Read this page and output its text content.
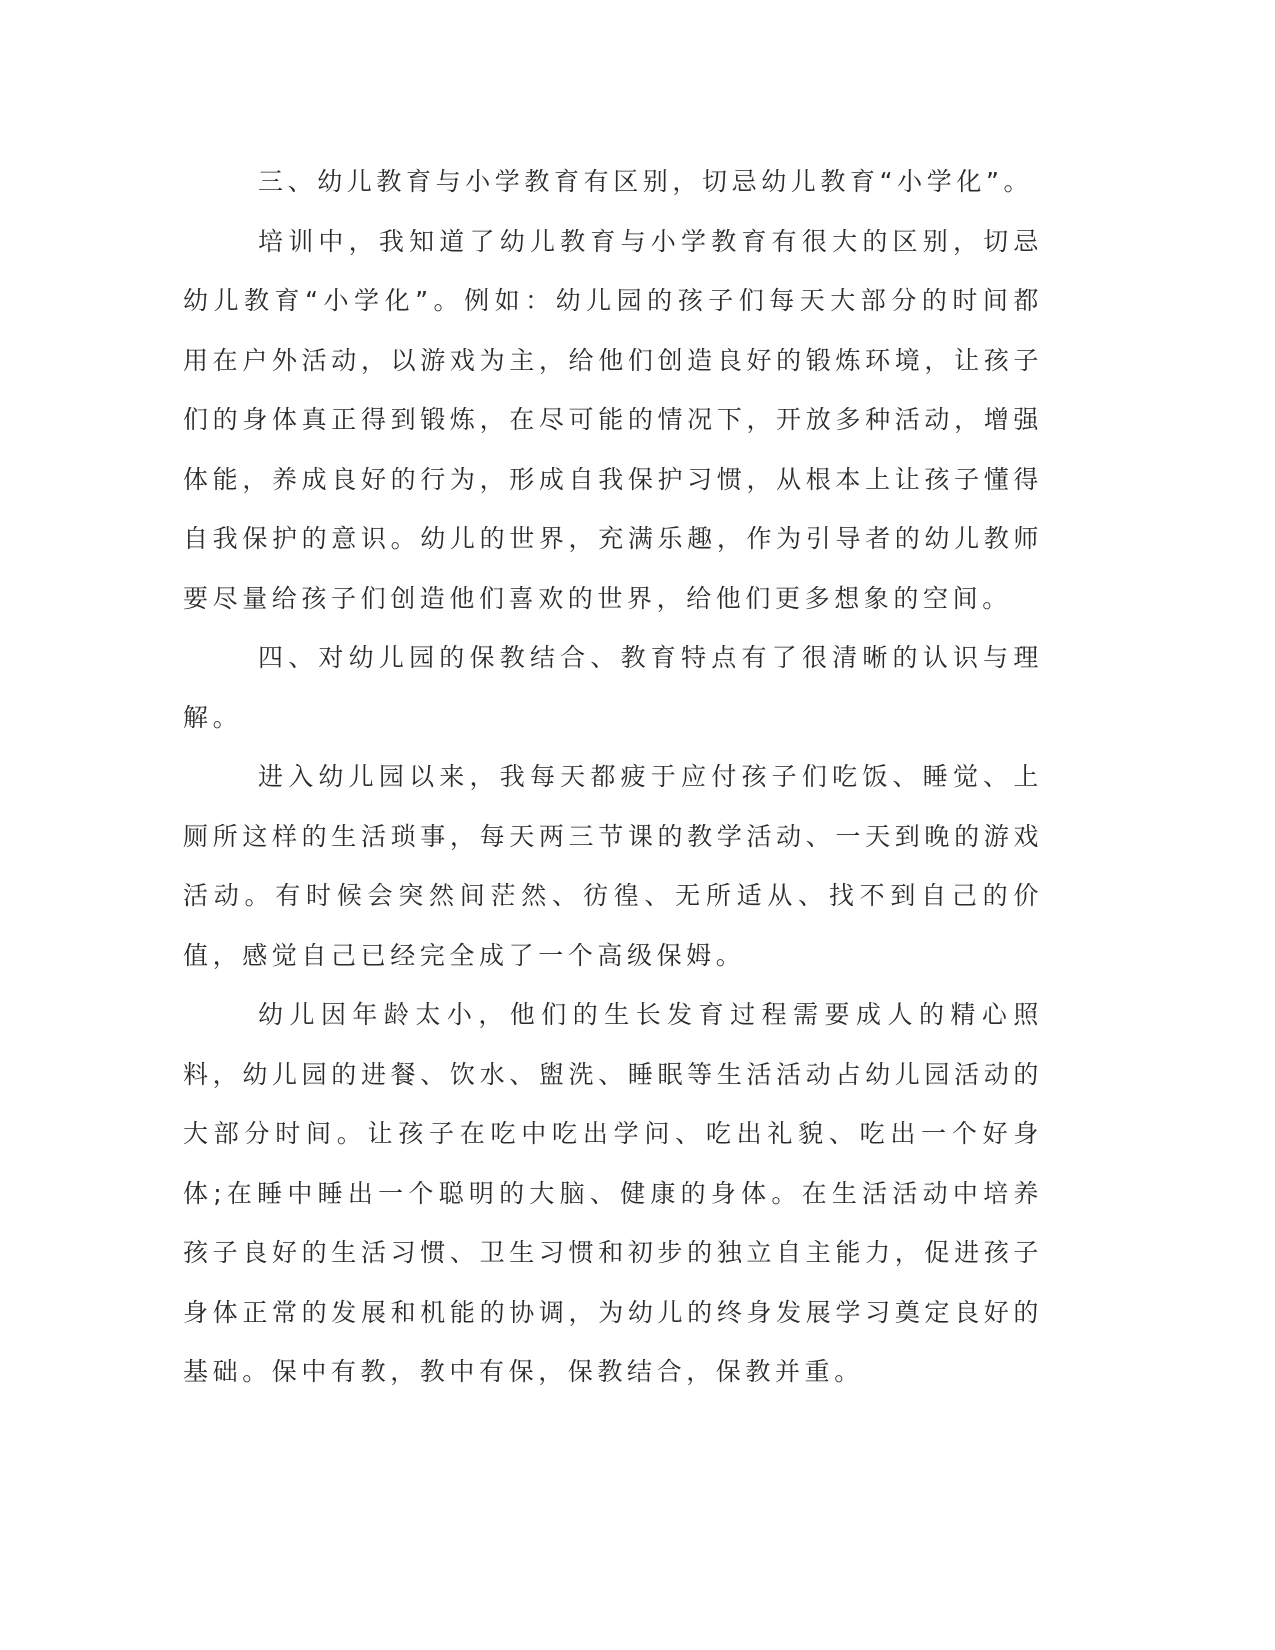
三、幼儿教育与小学教育有区别，切忌幼儿教育“小学化”。

培训中，我知道了幼儿教育与小学教育有很大的区别，切忌幼儿教育“小学化”。例如：幼儿园的孩子们每天大部分的时间都用在户外活动，以游戏为主，给他们创造良好的锻炼环境，让孩子们的身体真正得到锻炼，在尽可能的情况下，开放多种活动，增强体能，养成良好的行为，形成自我保护习惯，从根本上让孩子懂得自我保护的意识。幼儿的世界，充满乐趣，作为引导者的幼儿教师要尽量给孩子们创造他们喜欢的世界，给他们更多想象的空间。

四、对幼儿园的保教结合、教育特点有了很清晰的认识与理解。

进入幼儿园以来，我每天都疲于应付孩子们吃饭、睡觉、上厕所这样的生活琐事，每天两三节课的教学活动、一天到晚的游戏活动。有时候会突然间茫然、彷徨、无所适从、找不到自己的价值，感觉自己已经完全成了一个高级保姆。

幼儿因年龄太小，他们的生长发育过程需要成人的精心照料，幼儿园的进餐、饮水、盥洗、睡眠等生活活动占幼儿园活动的大部分时间。让孩子在吃中吃出学问、吃出礼貌、吃出一个好身体;在睡中睡出一个聪明的大脑、健康的身体。在生活活动中培养孩子良好的生活习惯、卫生习惯和初步的独立自主能力，促进孩子身体正常的发展和机能的协调，为幼儿的终身发展学习奠定良好的基础。保中有教，教中有保，保教结合，保教并重。
